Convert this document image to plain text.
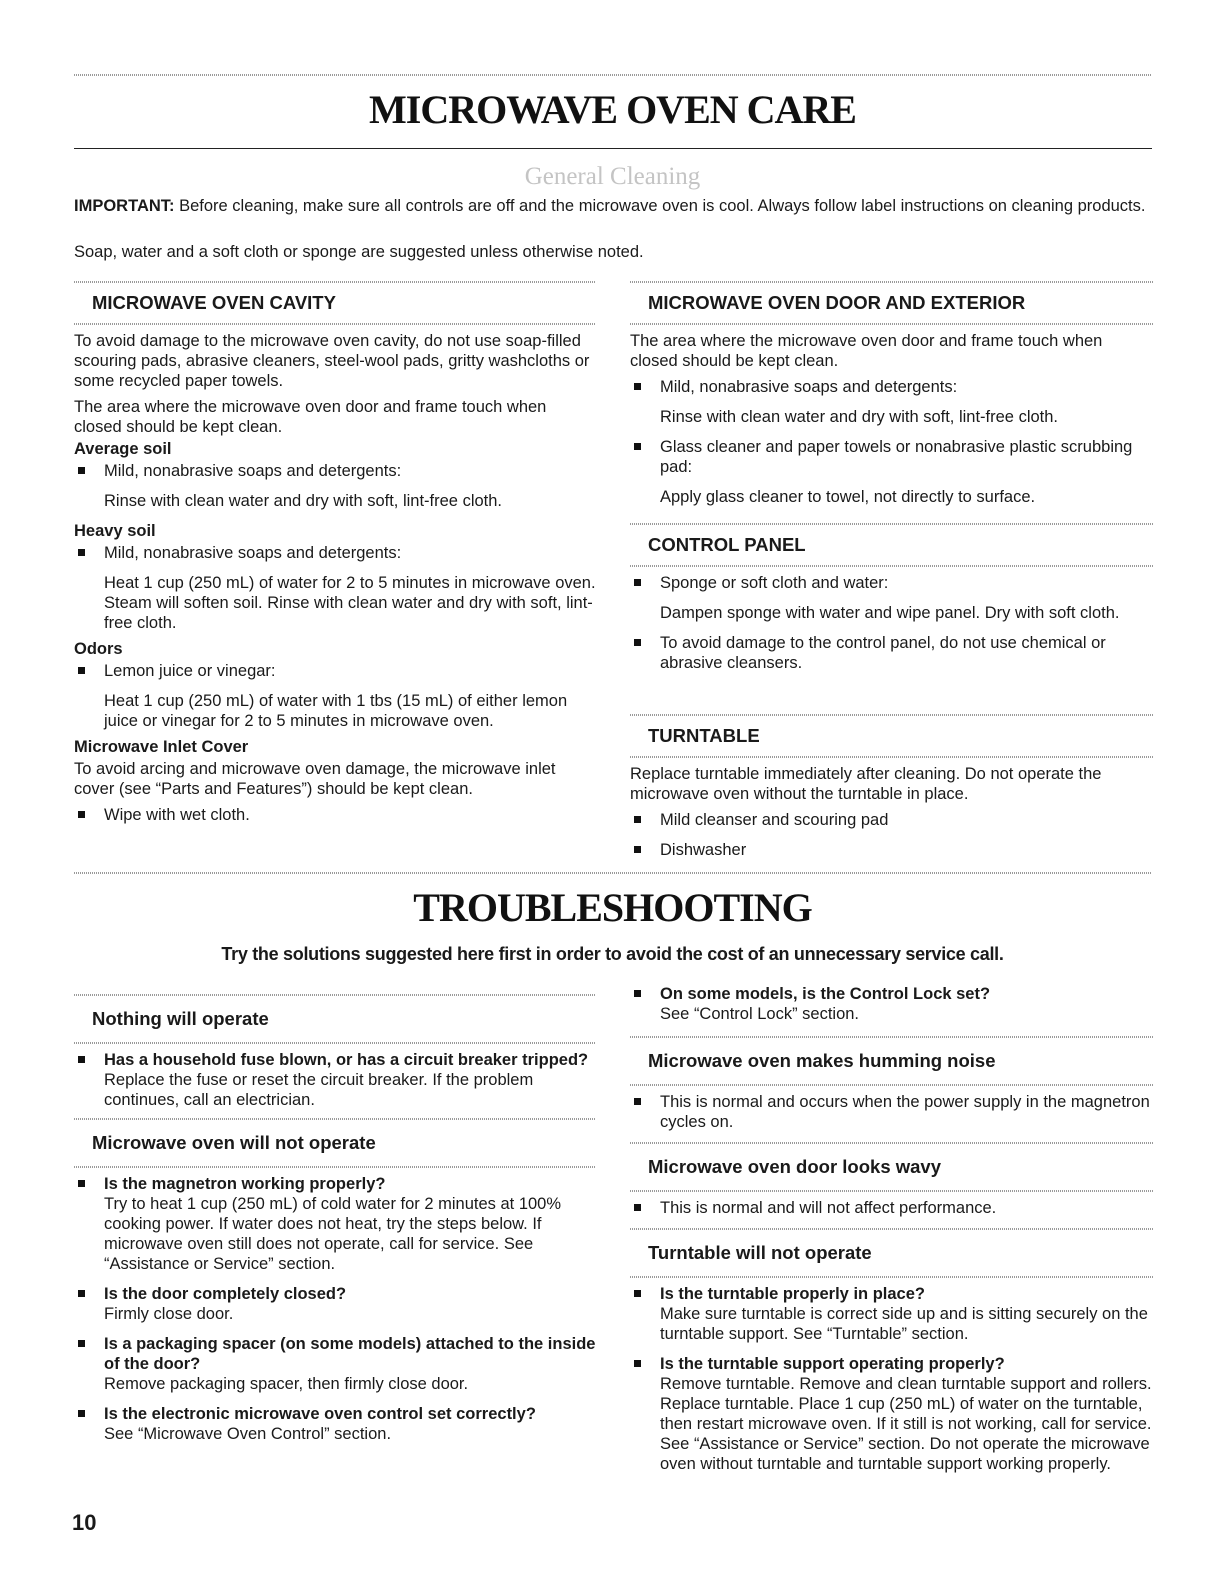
MICROWAVE OVEN CARE
General Cleaning
IMPORTANT: Before cleaning, make sure all controls are off and the microwave oven is cool. Always follow label instructions on cleaning products.
Soap, water and a soft cloth or sponge are suggested unless otherwise noted.
MICROWAVE OVEN CAVITY
To avoid damage to the microwave oven cavity, do not use soap-filled scouring pads, abrasive cleaners, steel-wool pads, gritty washcloths or some recycled paper towels.
The area where the microwave oven door and frame touch when closed should be kept clean.
Average soil
Mild, nonabrasive soaps and detergents:
Rinse with clean water and dry with soft, lint-free cloth.
Heavy soil
Mild, nonabrasive soaps and detergents:
Heat 1 cup (250 mL) of water for 2 to 5 minutes in microwave oven. Steam will soften soil. Rinse with clean water and dry with soft, lint-free cloth.
Odors
Lemon juice or vinegar:
Heat 1 cup (250 mL) of water with 1 tbs (15 mL) of either lemon juice or vinegar for 2 to 5 minutes in microwave oven.
Microwave Inlet Cover
To avoid arcing and microwave oven damage, the microwave inlet cover (see “Parts and Features”) should be kept clean.
Wipe with wet cloth.
MICROWAVE OVEN DOOR AND EXTERIOR
The area where the microwave oven door and frame touch when closed should be kept clean.
Mild, nonabrasive soaps and detergents:
Rinse with clean water and dry with soft, lint-free cloth.
Glass cleaner and paper towels or nonabrasive plastic scrubbing pad:
Apply glass cleaner to towel, not directly to surface.
CONTROL PANEL
Sponge or soft cloth and water:
Dampen sponge with water and wipe panel. Dry with soft cloth.
To avoid damage to the control panel, do not use chemical or abrasive cleansers.
TURNTABLE
Replace turntable immediately after cleaning. Do not operate the microwave oven without the turntable in place.
Mild cleanser and scouring pad
Dishwasher
TROUBLESHOOTING
Try the solutions suggested here first in order to avoid the cost of an unnecessary service call.
Nothing will operate
Has a household fuse blown, or has a circuit breaker tripped?
Replace the fuse or reset the circuit breaker. If the problem continues, call an electrician.
Microwave oven will not operate
Is the magnetron working properly?
Try to heat 1 cup (250 mL) of cold water for 2 minutes at 100% cooking power. If water does not heat, try the steps below. If microwave oven still does not operate, call for service. See “Assistance or Service” section.
Is the door completely closed?
Firmly close door.
Is a packaging spacer (on some models) attached to the inside of the door?
Remove packaging spacer, then firmly close door.
Is the electronic microwave oven control set correctly?
See “Microwave Oven Control” section.
On some models, is the Control Lock set?
See “Control Lock” section.
Microwave oven makes humming noise
This is normal and occurs when the power supply in the magnetron cycles on.
Microwave oven door looks wavy
This is normal and will not affect performance.
Turntable will not operate
Is the turntable properly in place?
Make sure turntable is correct side up and is sitting securely on the turntable support. See “Turntable” section.
Is the turntable support operating properly?
Remove turntable. Remove and clean turntable support and rollers. Replace turntable. Place 1 cup (250 mL) of water on the turntable, then restart microwave oven. If it still is not working, call for service. See “Assistance or Service” section. Do not operate the microwave oven without turntable and turntable support working properly.
10
